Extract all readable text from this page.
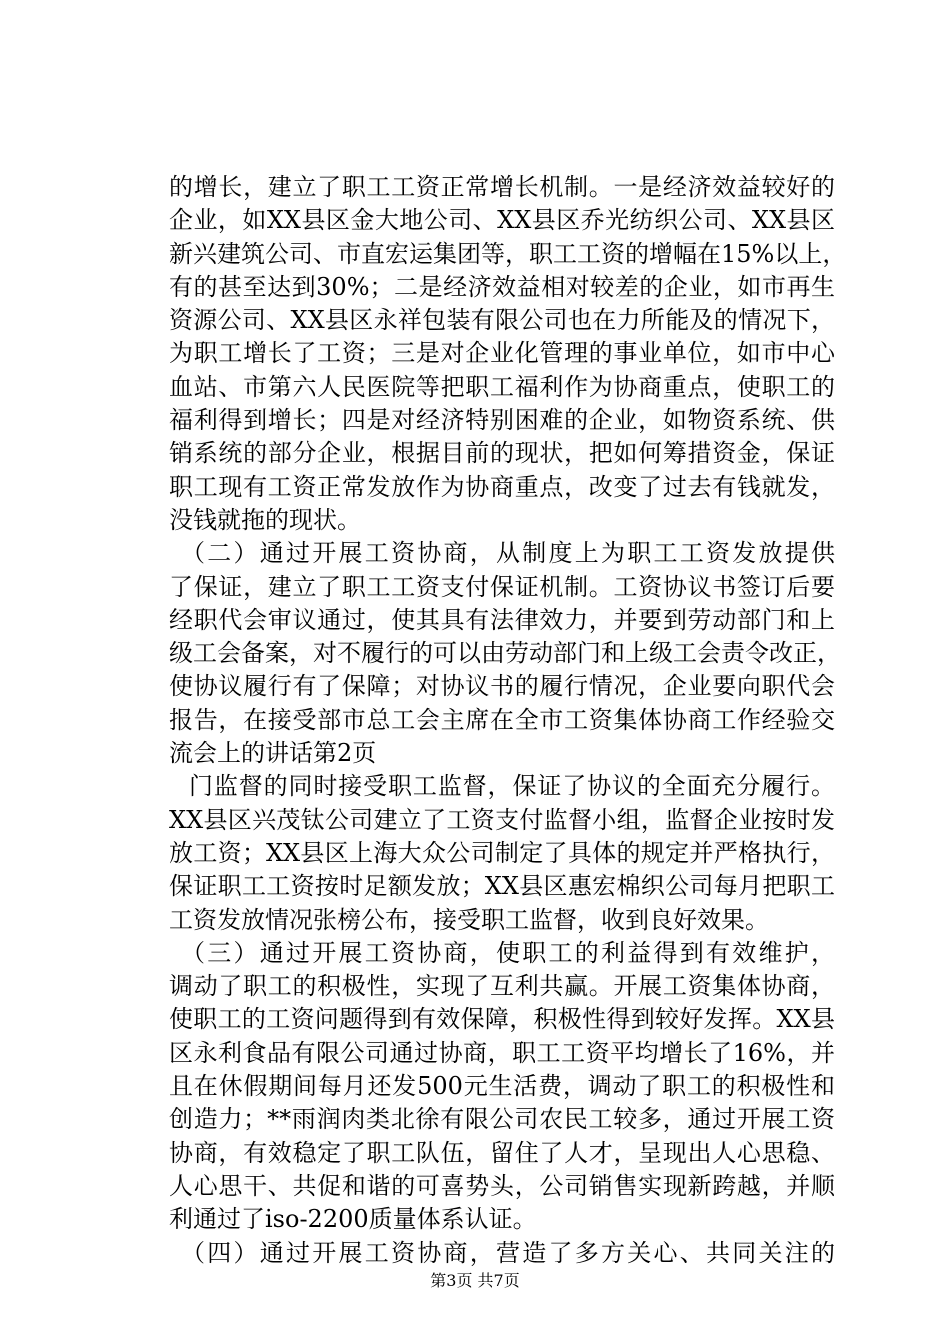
的增长，建立了职工工资正常增长机制。一是经济效益较好的
企业，如XX县区金大地公司、XX县区乔光纺织公司、XX县区
新兴建筑公司、市直宏运集团等，职工工资的增幅在15%以上，
有的甚至达到30%；二是经济效益相对较差的企业，如市再生
资源公司、XX县区永祥包装有限公司也在力所能及的情况下，
为职工增长了工资；三是对企业化管理的事业单位，如市中心
血站、市第六人民医院等把职工福利作为协商重点，使职工的
福利得到增长；四是对经济特别困难的企业，如物资系统、供
销系统的部分企业，根据目前的现状，把如何筹措资金，保证
职工现有工资正常发放作为协商重点，改变了过去有钱就发，
没钱就拖的现状。
（二）通过开展工资协商，从制度上为职工工资发放提供
了保证，建立了职工工资支付保证机制。工资协议书签订后要
经职代会审议通过，使其具有法律效力，并要到劳动部门和上
级工会备案，对不履行的可以由劳动部门和上级工会责令改正，
使协议履行有了保障；对协议书的履行情况，企业要向职代会
报告，在接受部市总工会主席在全市工资集体协商工作经验交
流会上的讲话第2页
门监督的同时接受职工监督，保证了协议的全面充分履行。
XX县区兴茂钛公司建立了工资支付监督小组，监督企业按时发
放工资；XX县区上海大众公司制定了具体的规定并严格执行，
保证职工工资按时足额发放；XX县区惠宏棉织公司每月把职工
工资发放情况张榜公布，接受职工监督，收到良好效果。
（三）通过开展工资协商，使职工的利益得到有效维护，
调动了职工的积极性，实现了互利共赢。开展工资集体协商，
使职工的工资问题得到有效保障，积极性得到较好发挥。XX县
区永利食品有限公司通过协商，职工工资平均增长了16%，并
且在休假期间每月还发500元生活费，调动了职工的积极性和
创造力；**雨润肉类北徐有限公司农民工较多，通过开展工资
协商，有效稳定了职工队伍，留住了人才，呈现出人心思稳、
人心思干、共促和谐的可喜势头，公司销售实现新跨越，并顺
利通过了iso-2200质量体系认证。
（四）通过开展工资协商，营造了多方关心、共同关注的
第3页 共7页
